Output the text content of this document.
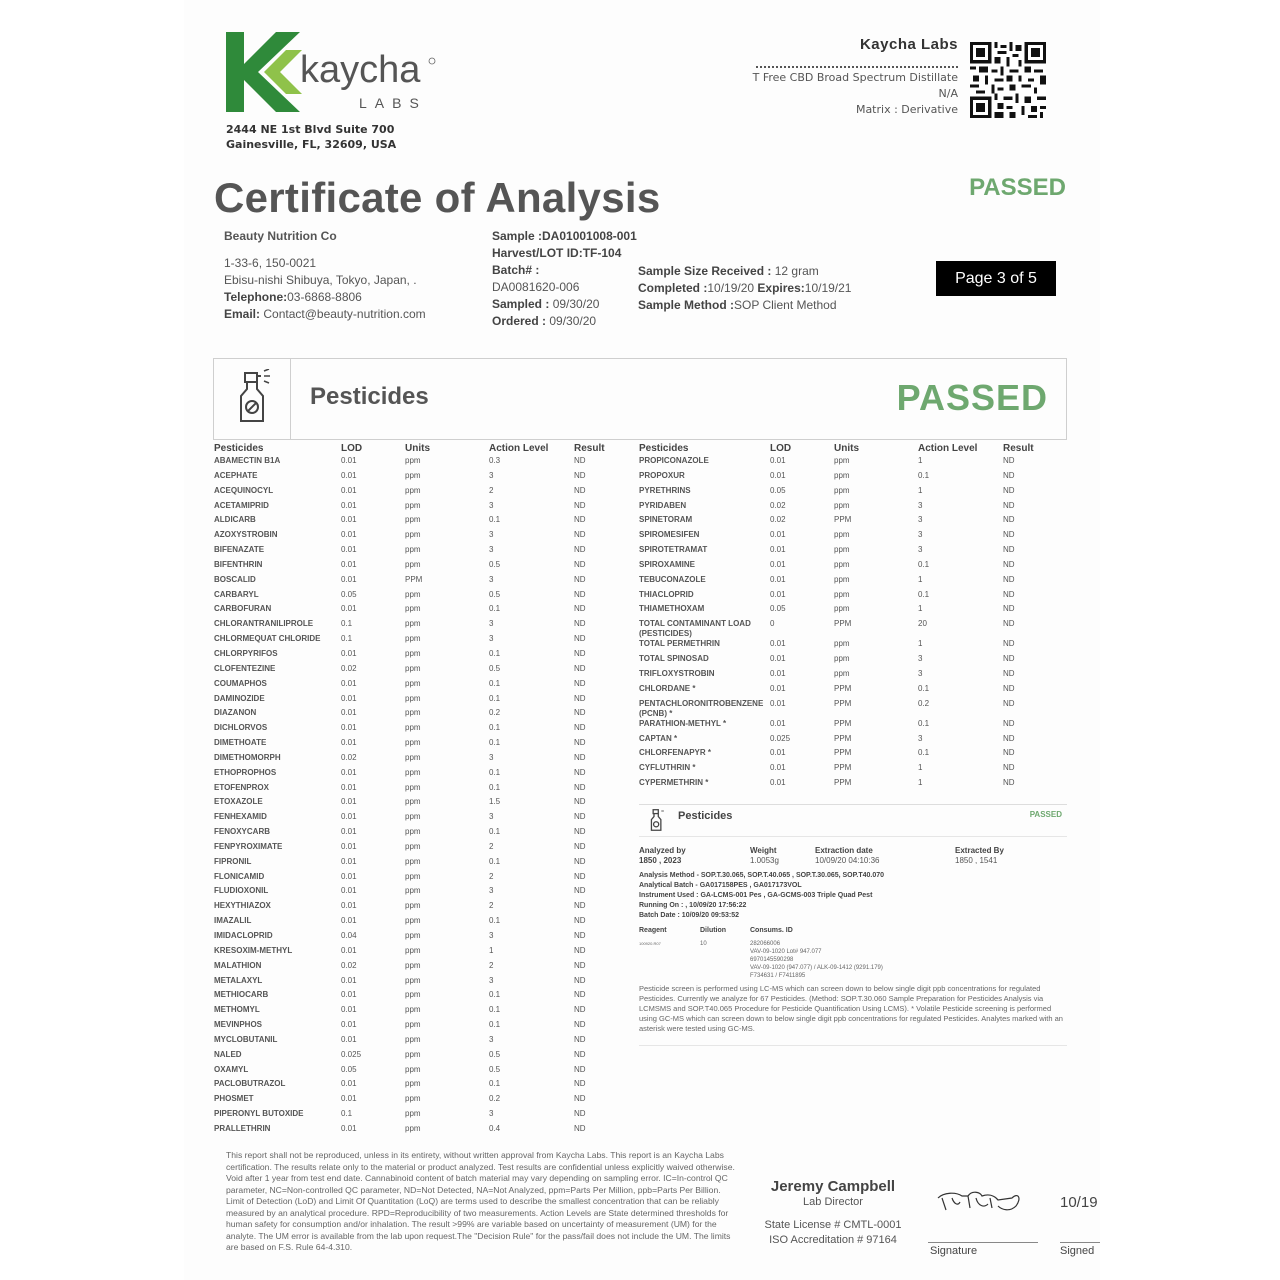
kaycha
LABS
2444 NE 1st Blvd Suite 700
Gainesville, FL, 32609, USA
Kaycha Labs
T Free CBD Broad Spectrum Distillate
N/A
Matrix : Derivative
Certificate of Analysis	PASSED
Beauty Nutrition Co
1-33-6, 150-0021
Ebisu-nishi Shibuya, Tokyo, Japan, .
Telephone:03-6868-8806
Email: Contact@beauty-nutrition.com
Sample :DA01001008-001
Harvest/LOT ID:TF-104
Batch# :
DA0081620-006
Sampled : 09/30/20
Ordered : 09/30/20
Sample Size Received : 12 gram
Completed :10/19/20 Expires:10/19/21
Sample Method :SOP Client Method
Page 3 of 5
Pesticides	PASSED
Pesticides	LOD	Units	Action Level	Result
ABAMECTIN B1A	0.01	ppm	0.3	ND
ACEPHATE	0.01	ppm	3	ND
ACEQUINOCYL	0.01	ppm	2	ND
ACETAMIPRID	0.01	ppm	3	ND
ALDICARB	0.01	ppm	0.1	ND
AZOXYSTROBIN	0.01	ppm	3	ND
BIFENAZATE	0.01	ppm	3	ND
BIFENTHRIN	0.01	ppm	0.5	ND
BOSCALID	0.01	PPM	3	ND
CARBARYL	0.05	ppm	0.5	ND
CARBOFURAN	0.01	ppm	0.1	ND
CHLORANTRANILIPROLE	0.1	ppm	3	ND
CHLORMEQUAT CHLORIDE	0.1	ppm	3	ND
CHLORPYRIFOS	0.01	ppm	0.1	ND
CLOFENTEZINE	0.02	ppm	0.5	ND
COUMAPHOS	0.01	ppm	0.1	ND
DAMINOZIDE	0.01	ppm	0.1	ND
DIAZANON	0.01	ppm	0.2	ND
DICHLORVOS	0.01	ppm	0.1	ND
DIMETHOATE	0.01	ppm	0.1	ND
DIMETHOMORPH	0.02	ppm	3	ND
ETHOPROPHOS	0.01	ppm	0.1	ND
ETOFENPROX	0.01	ppm	0.1	ND
ETOXAZOLE	0.01	ppm	1.5	ND
FENHEXAMID	0.01	ppm	3	ND
FENOXYCARB	0.01	ppm	0.1	ND
FENPYROXIMATE	0.01	ppm	2	ND
FIPRONIL	0.01	ppm	0.1	ND
FLONICAMID	0.01	ppm	2	ND
FLUDIOXONIL	0.01	ppm	3	ND
HEXYTHIAZOX	0.01	ppm	2	ND
IMAZALIL	0.01	ppm	0.1	ND
IMIDACLOPRID	0.04	ppm	3	ND
KRESOXIM-METHYL	0.01	ppm	1	ND
MALATHION	0.02	ppm	2	ND
METALAXYL	0.01	ppm	3	ND
METHIOCARB	0.01	ppm	0.1	ND
METHOMYL	0.01	ppm	0.1	ND
MEVINPHOS	0.01	ppm	0.1	ND
MYCLOBUTANIL	0.01	ppm	3	ND
NALED	0.025	ppm	0.5	ND
OXAMYL	0.05	ppm	0.5	ND
PACLOBUTRAZOL	0.01	ppm	0.1	ND
PHOSMET	0.01	ppm	0.2	ND
PIPERONYL BUTOXIDE	0.1	ppm	3	ND
PRALLETHRIN	0.01	ppm	0.4	ND
Pesticides	LOD	Units	Action Level	Result
PROPICONAZOLE	0.01	ppm	1	ND
PROPOXUR	0.01	ppm	0.1	ND
PYRETHRINS	0.05	ppm	1	ND
PYRIDABEN	0.02	ppm	3	ND
SPINETORAM	0.02	PPM	3	ND
SPIROMESIFEN	0.01	ppm	3	ND
SPIROTETRAMAT	0.01	ppm	3	ND
SPIROXAMINE	0.01	ppm	0.1	ND
TEBUCONAZOLE	0.01	ppm	1	ND
THIACLOPRID	0.01	ppm	0.1	ND
THIAMETHOXAM	0.05	ppm	1	ND
TOTAL CONTAMINANT LOAD (PESTICIDES)	0	PPM	20	ND
TOTAL PERMETHRIN	0.01	ppm	1	ND
TOTAL SPINOSAD	0.01	ppm	3	ND
TRIFLOXYSTROBIN	0.01	ppm	3	ND
CHLORDANE *	0.01	PPM	0.1	ND
PENTACHLORONITROBENZENE (PCNB) *	0.01	PPM	0.2	ND
PARATHION-METHYL *	0.01	PPM	0.1	ND
CAPTAN *	0.025	PPM	3	ND
CHLORFENAPYR *	0.01	PPM	0.1	ND
CYFLUTHRIN *	0.01	PPM	1	ND
CYPERMETHRIN *	0.01	PPM	1	ND
Pesticides	PASSED
Analyzed by
1850 , 2023
Weight
1.0053g
Extraction date
10/09/20 04:10:36
Extracted By
1850 , 1541
Analysis Method - SOP.T.30.065, SOP.T.40.065 , SOP.T.30.065, SOP.T40.070
Analytical Batch - GA017158PES , GA017173VOL
Instrument Used : GA-LCMS-001 Pes , GA-GCMS-003 Triple Quad Pest
Running On : , 10/09/20 17:56:22
Batch Date : 10/09/20 09:53:52
Reagent	Dilution	Consums. ID
100920.R07	10	282066006
VAV-09-1020 Lot# 947.077
6970145590298
VAV-09-1020 (947.077) / ALK-09-1412 (9291.179)
F734631 / F7411895
Pesticide screen is performed using LC-MS which can screen down to below single digit ppb concentrations for regulated Pesticides. Currently we analyze for 67 Pesticides. (Method: SOP.T.30.060 Sample Preparation for Pesticides Analysis via LCMSMS and SOP.T40.065 Procedure for Pesticide Quantification Using LCMS). * Volatile Pesticide screening is performed using GC-MS which can screen down to below single digit ppb concentrations for regulated Pesticides. Analytes marked with an asterisk were tested using GC-MS.
This report shall not be reproduced, unless in its entirety, without written approval from Kaycha Labs. This report is an Kaycha Labs certification. The results relate only to the material or product analyzed. Test results are confidential unless explicitly waived otherwise. Void after 1 year from test end date. Cannabinoid content of batch material may vary depending on sampling error. IC=In-control QC parameter, NC=Non-controlled QC parameter, ND=Not Detected, NA=Not Analyzed, ppm=Parts Per Million, ppb=Parts Per Billion. Limit of Detection (LoD) and Limit Of Quantitation (LoQ) are terms used to describe the smallest concentration that can be reliably measured by an analytical procedure. RPD=Reproducibility of two measurements. Action Levels are State determined thresholds for human safety for consumption and/or inhalation. The result >99% are variable based on uncertainty of measurement (UM) for the analyte. The UM error is available from the lab upon request.The "Decision Rule" for the pass/fail does not include the UM. The limits are based on F.S. Rule 64-4.310.
Jeremy Campbell
Lab Director
State License # CMTL-0001
ISO Accreditation # 97164
Signature
10/19
Signed
